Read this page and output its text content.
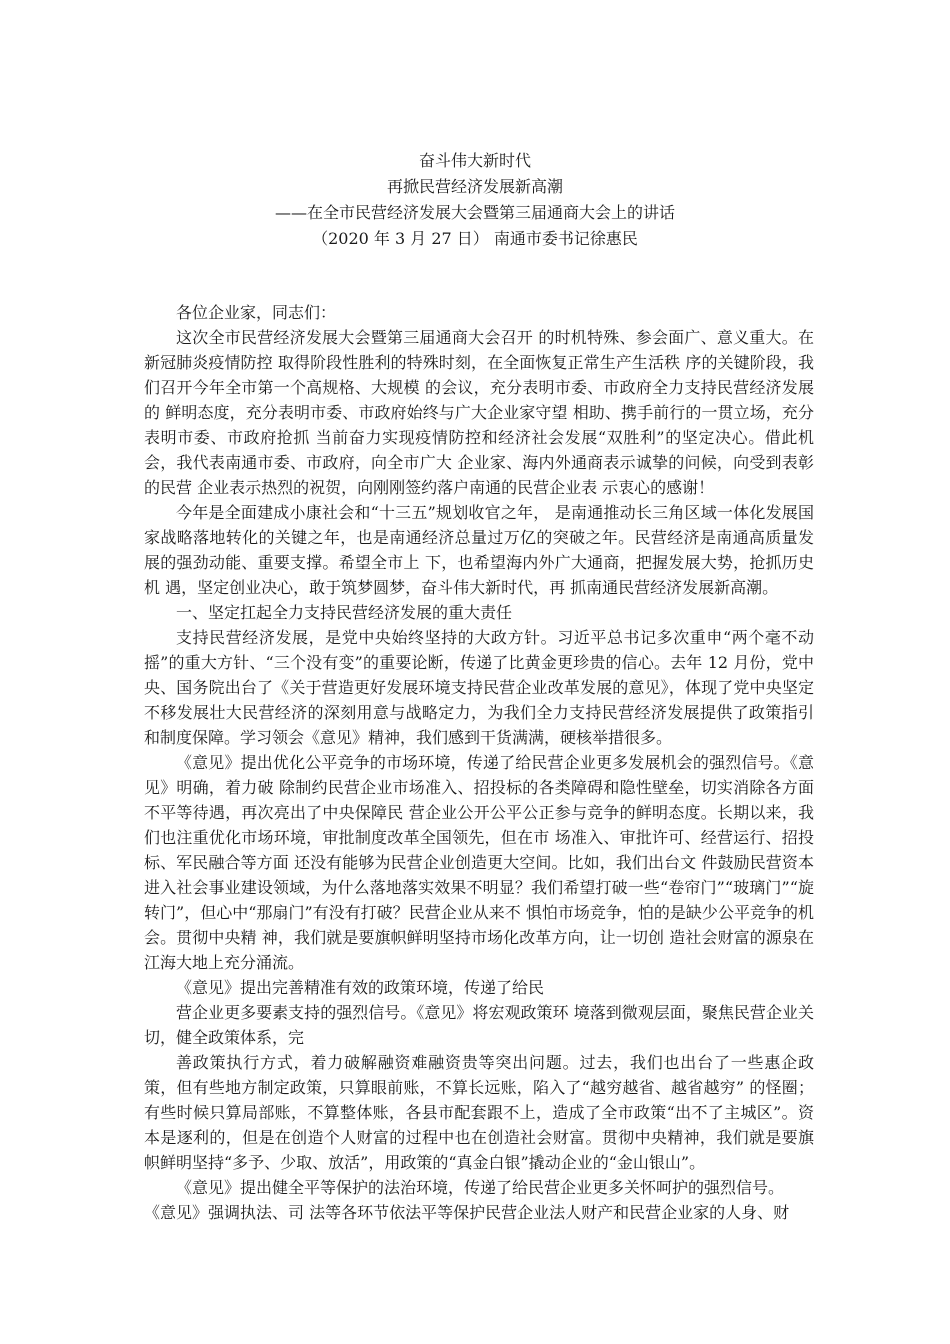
奋斗伟大新时代
再掀民营经济发展新高潮
——在全市民营经济发展大会暨第三届通商大会上的讲话
（2020 年 3 月 27 日） 南通市委书记徐惠民

各位企业家，同志们：

这次全市民营经济发展大会暨第三届通商大会召开 的时机特殊、参会面广、意义重大。在新冠肺炎疫情防控 取得阶段性胜利的特殊时刻，在全面恢复正常生产生活秩 序的关键阶段，我们召开今年全市第一个高规格、大规模 的会议，充分表明市委、市政府全力支持民营经济发展的 鲜明态度，充分表明市委、市政府始终与广大企业家守望 相助、携手前行的一贯立场，充分表明市委、市政府抢抓 当前奋力实现疫情防控和经济社会发展“双胜利”的坚定决心。借此机会，我代表南通市委、市政府，向全市广大 企业家、海内外通商表示诚挚的问候，向受到表彰的民营 企业表示热烈的祝贺，向刚刚签约落户南通的民营企业表 示衷心的感谢！

今年是全面建成小康社会和“十三五”规划收官之年， 是南通推动长三角区域一体化发展国家战略落地转化的关键之年，也是南通经济总量过万亿的突破之年。民营经济是南通高质量发展的强劲动能、重要支撑。希望全市上 下，也希望海内外广大通商，把握发展大势，抢抓历史机 遇，坚定创业决心，敢于筑梦圆梦，奋斗伟大新时代，再 抓南通民营经济发展新高潮。

一、坚定扛起全力支持民营经济发展的重大责任

支持民营经济发展，是党中央始终坚持的大政方针。习近平总书记多次重申“两个毫不动摇”的重大方针、“三个没有变”的重要论断，传递了比黄金更珍贵的信心。去年 12 月份，党中央、国务院出台了《关于营造更好发展环境支持民营企业改革发展的意见》，体现了党中央坚定不移发展壮大民营经济的深刻用意与战略定力，为我们全力支持民营经济发展提供了政策指引和制度保障。学习领会《意见》精神，我们感到干货满满，硬核举措很多。

《意见》提出优化公平竞争的市场环境，传递了给民营企业更多发展机会的强烈信号。《意见》明确，着力破 除制约民营企业市场准入、招投标的各类障碍和隐性壁垒，切实消除各方面不平等待遇，再次亮出了中央保障民 营企业公开公平公正参与竞争的鲜明态度。长期以来，我 们也注重优化市场环境，审批制度改革全国领先，但在市 场准入、审批许可、经营运行、招投标、军民融合等方面 还没有能够为民营企业创造更大空间。比如，我们出台文 件鼓励民营资本进入社会事业建设领域，为什么落地落实效果不明显？我们希望打破一些“卷帘门”“玻璃门”“旋转门”，但心中“那扇门”有没有打破？民营企业从来不 惧怕市场竞争，怕的是缺少公平竞争的机会。贯彻中央精 神，我们就是要旗帜鲜明坚持市场化改革方向，让一切创 造社会财富的源泉在江海大地上充分涌流。

《意见》提出完善精准有效的政策环境，传递了给民

营企业更多要素支持的强烈信号。《意见》将宏观政策环 境落到微观层面，聚焦民营企业关切，健全政策体系，完

善政策执行方式，着力破解融资难融资贵等突出问题。过去，我们也出台了一些惠企政策，但有些地方制定政策，只算眼前账，不算长远账，陷入了“越穷越省、越省越穷” 的怪圈；有些时候只算局部账，不算整体账，各县市配套跟不上，造成了全市政策“出不了主城区”。资本是逐利的，但是在创造个人财富的过程中也在创造社会财富。贯彻中央精神，我们就是要旗帜鲜明坚持“多予、少取、放活”，用政策的“真金白银”撬动企业的“金山银山”。

《意见》提出健全平等保护的法治环境，传递了给民营企业更多关怀呵护的强烈信号。

《意见》强调执法、司 法等各环节依法平等保护民营企业法人财产和民营企业家的人身、财
